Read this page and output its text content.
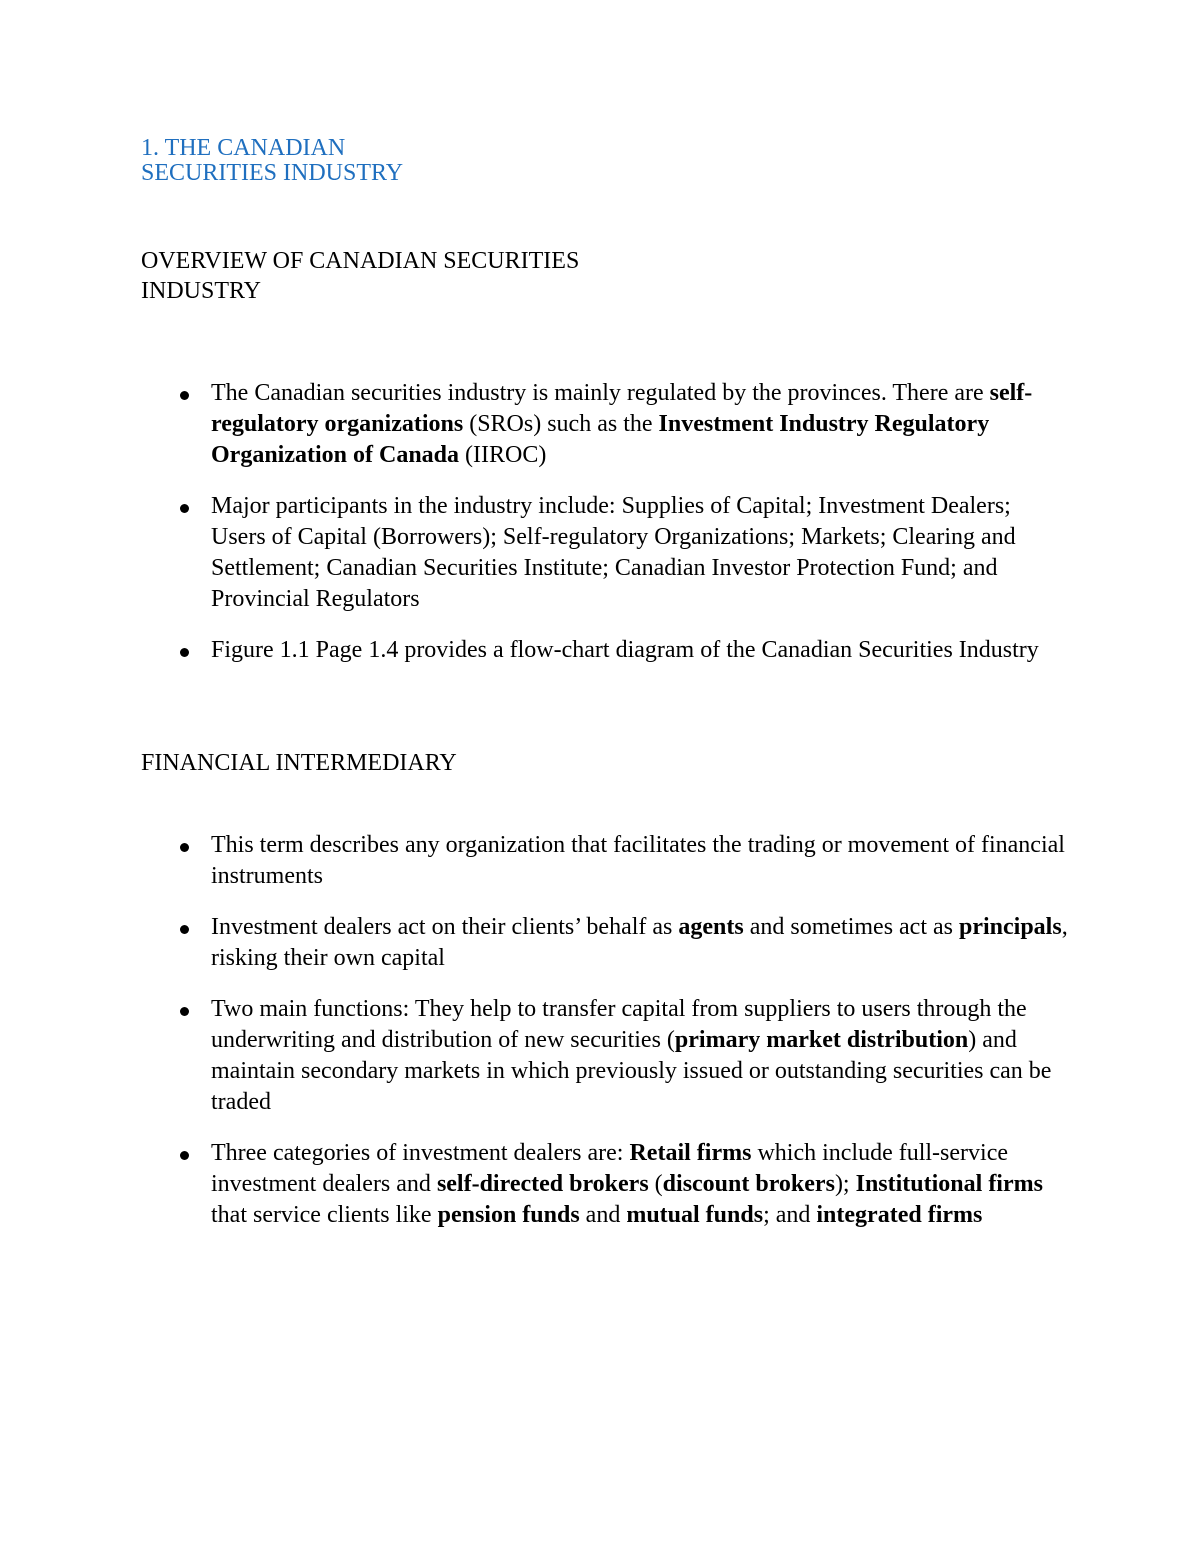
1. THE CANADIAN
SECURITIES INDUSTRY
OVERVIEW OF CANADIAN SECURITIES
INDUSTRY
The Canadian securities industry is mainly regulated by the provinces. There are self-regulatory organizations (SROs) such as the Investment Industry Regulatory Organization of Canada (IIROC)
Major participants in the industry include: Supplies of Capital; Investment Dealers; Users of Capital (Borrowers); Self-regulatory Organizations; Markets; Clearing and Settlement; Canadian Securities Institute; Canadian Investor Protection Fund; and Provincial Regulators
Figure 1.1 Page 1.4 provides a flow-chart diagram of the Canadian Securities Industry
FINANCIAL INTERMEDIARY
This term describes any organization that facilitates the trading or movement of financial instruments
Investment dealers act on their clients’ behalf as agents and sometimes act as principals, risking their own capital
Two main functions: They help to transfer capital from suppliers to users through the underwriting and distribution of new securities (primary market distribution) and maintain secondary markets in which previously issued or outstanding securities can be traded
Three categories of investment dealers are: Retail firms which include full-service investment dealers and self-directed brokers (discount brokers); Institutional firms that service clients like pension funds and mutual funds; and integrated firms
